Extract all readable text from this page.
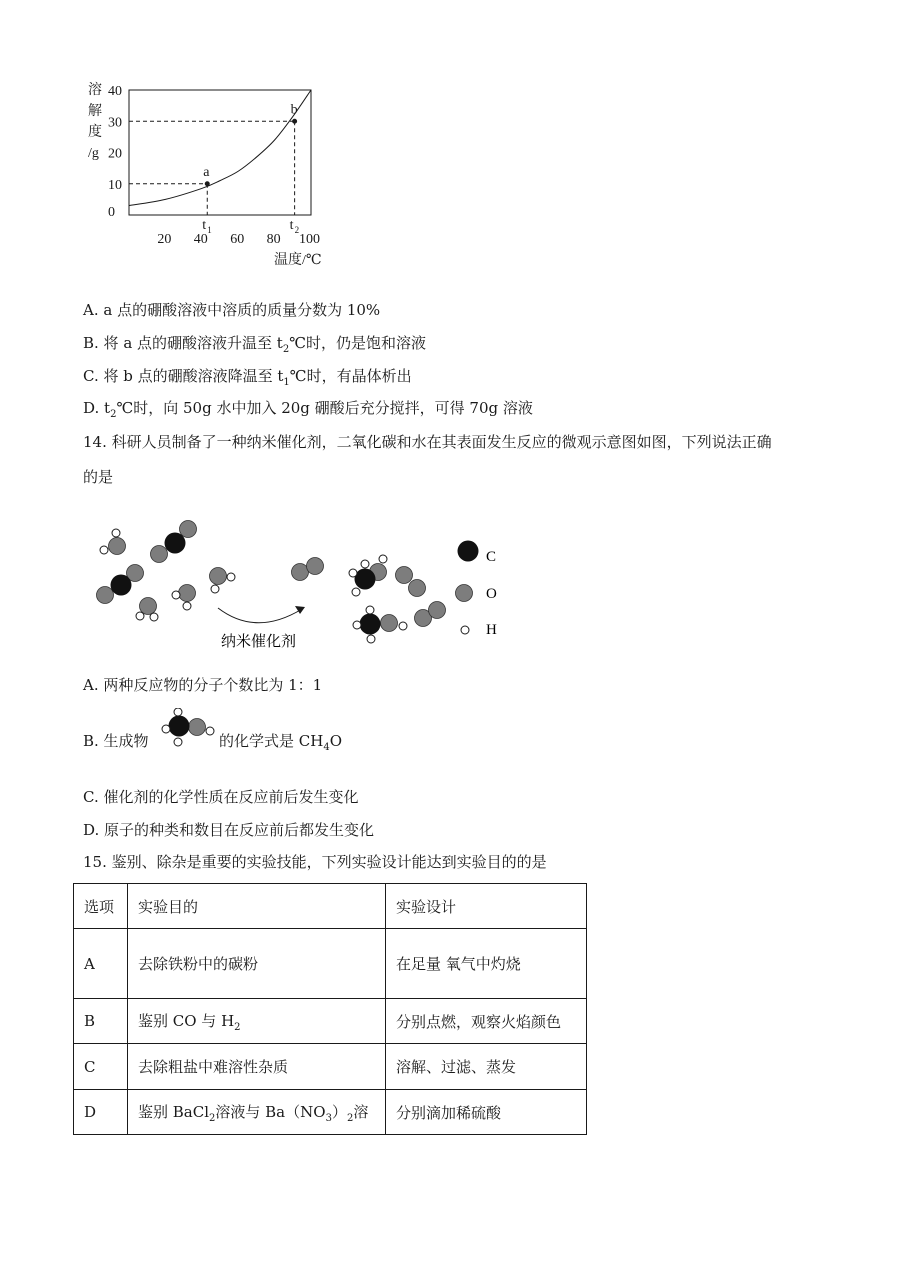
溶
解
度
/g
0
10
20
30
40
20 40 60 80 100
a
t 1
b
t 2
温度/℃
A. a 点的硼酸溶液中溶质的质量分数为 10%
B. 将 a 点的硼酸溶液升温至 $t_2℃$时，仍是饱和溶液
C. 将 b 点的硼酸溶液降温至 $t_1℃$时，有晶体析出
D. $t_2℃$时，向 50g 水中加入 20g 硼酸后充分搅拌，可得 70g 溶液
14. 科研人员制备了一种纳米催化剂，二氧化碳和水在其表面发生反应的微观示意图如图，下列说法正确
的是
纳米催化剂
C
O
H
A. 两种反应物的分子个数比为 1：1
B. 生成物	的化学式是 $CH_4O$
C. 催化剂的化学性质在反应前后发生变化
D. 原子的种类和数目在反应前后都发生变化
15. 鉴别、除杂是重要的实验技能，下列实验设计能达到实验目的的是
选项	实验目的	实验设计
A	去除铁粉中的碳粉	在足量 氧气中灼烧
B	鉴别 CO 与 $H_2$	分别点燃，观察火焰颜色
C	去除粗盐中难溶性杂质	溶解、过滤、蒸发
D	鉴别 BaCl$_2$溶液与 $Ba(NO_3)_2$溶	分别滴加稀硫酸
